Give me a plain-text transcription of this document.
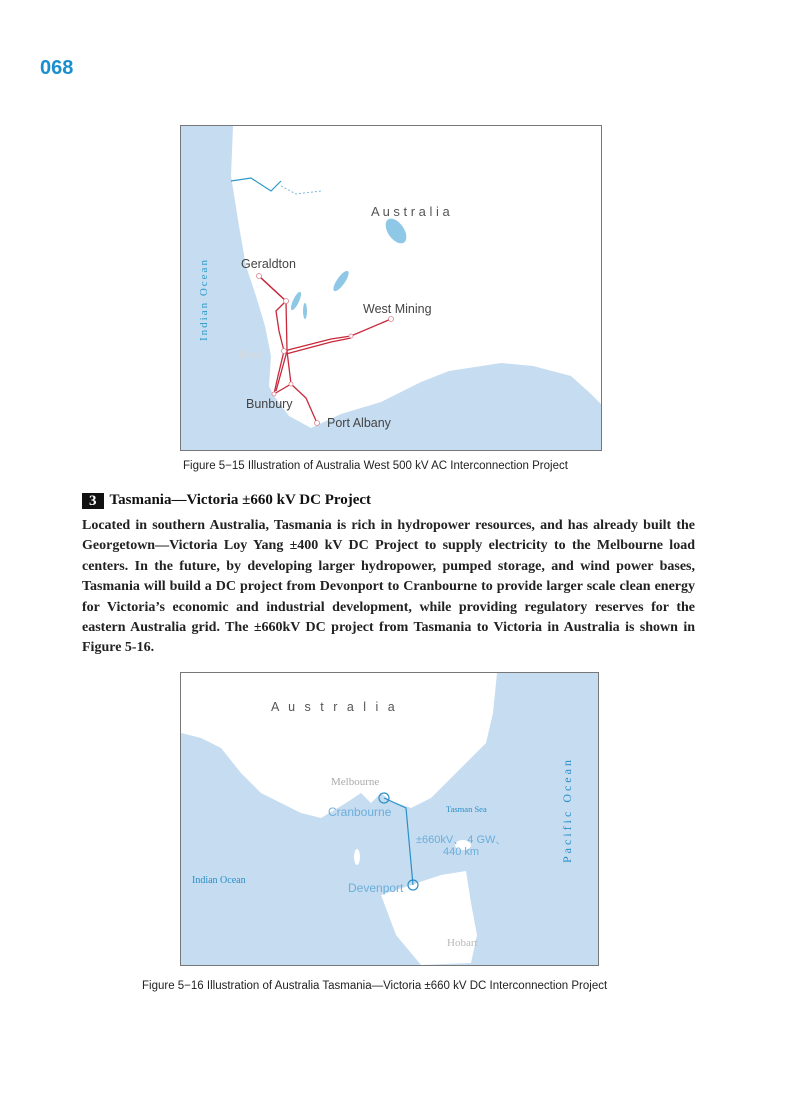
068
A u s t r a l i a
Geraldton
West Mining
Perth
Bunbury
Port Albany
Indian Ocean
Figure 5−15 Illustration of Australia West 500 kV AC Interconnection Project
3 Tasmania—Victoria ±660 kV DC Project
Located in southern Australia, Tasmania is rich in hydropower resources, and has already built the Georgetown—Victoria Loy Yang ±400 kV DC Project to supply electricity to the Melbourne load centers. In the future, by developing larger hydropower, pumped storage, and wind power bases, Tasmania will build a DC project from Devonport to Cranbourne to provide larger scale clean energy for Victoria’s economic and industrial development, while providing regulatory reserves for the eastern Australia grid. The ±660kV DC project from Tasmania to Victoria in Australia is shown in Figure 5-16.
A u s t r a l i a
Melbourne
Cranbourne	Tasman Sea
±660kV、 4 GW、
440 km
Indian Ocean
Devenport
Hobart
Pacific Ocean
Figure 5−16 Illustration of Australia Tasmania—Victoria ±660 kV DC Interconnection Project
